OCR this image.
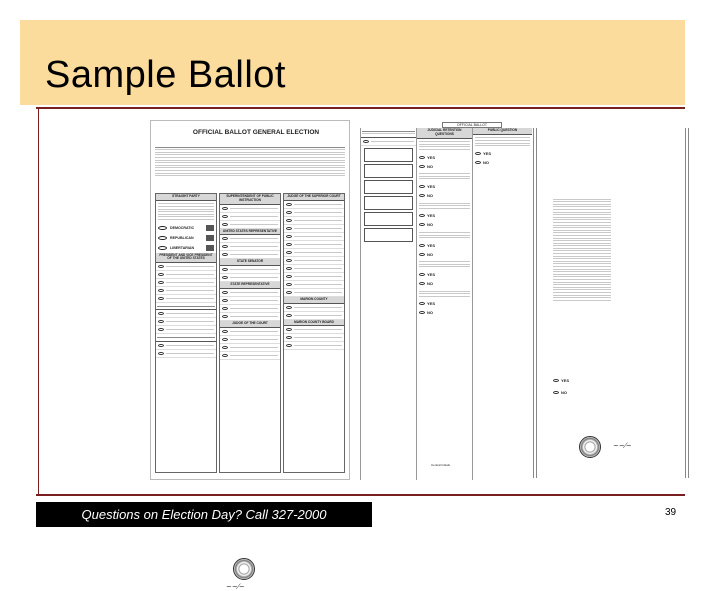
Sample Ballot
OFFICIAL BALLOT GENERAL ELECTION
STRAIGHT PARTY
DEMOCRATIC
REPUBLICAN
LIBERTARIAN
PRESIDENT AND VICE PRESIDENT OF THE UNITED STATES
SUPERINTENDENT OF PUBLIC INSTRUCTION
UNITED STATES REPRESENTATIVE
STATE SENATOR
STATE REPRESENTATIVE
JUDGE OF THE COURT
JUDGE OF THE SUPERIOR COURT
MARION COUNTY
MARION COUNTY BOARD
~~⁄~
OFFICIAL BALLOT
JUDICIAL RETENTION QUESTIONS
YES
NO
YES
NO
YES
NO
YES
NO
YES
NO
YES
NO
Central Initials
PUBLIC QUESTION
YES
NO
YES
NO
~~⁄~
Questions on Election Day? Call 327-2000	39
